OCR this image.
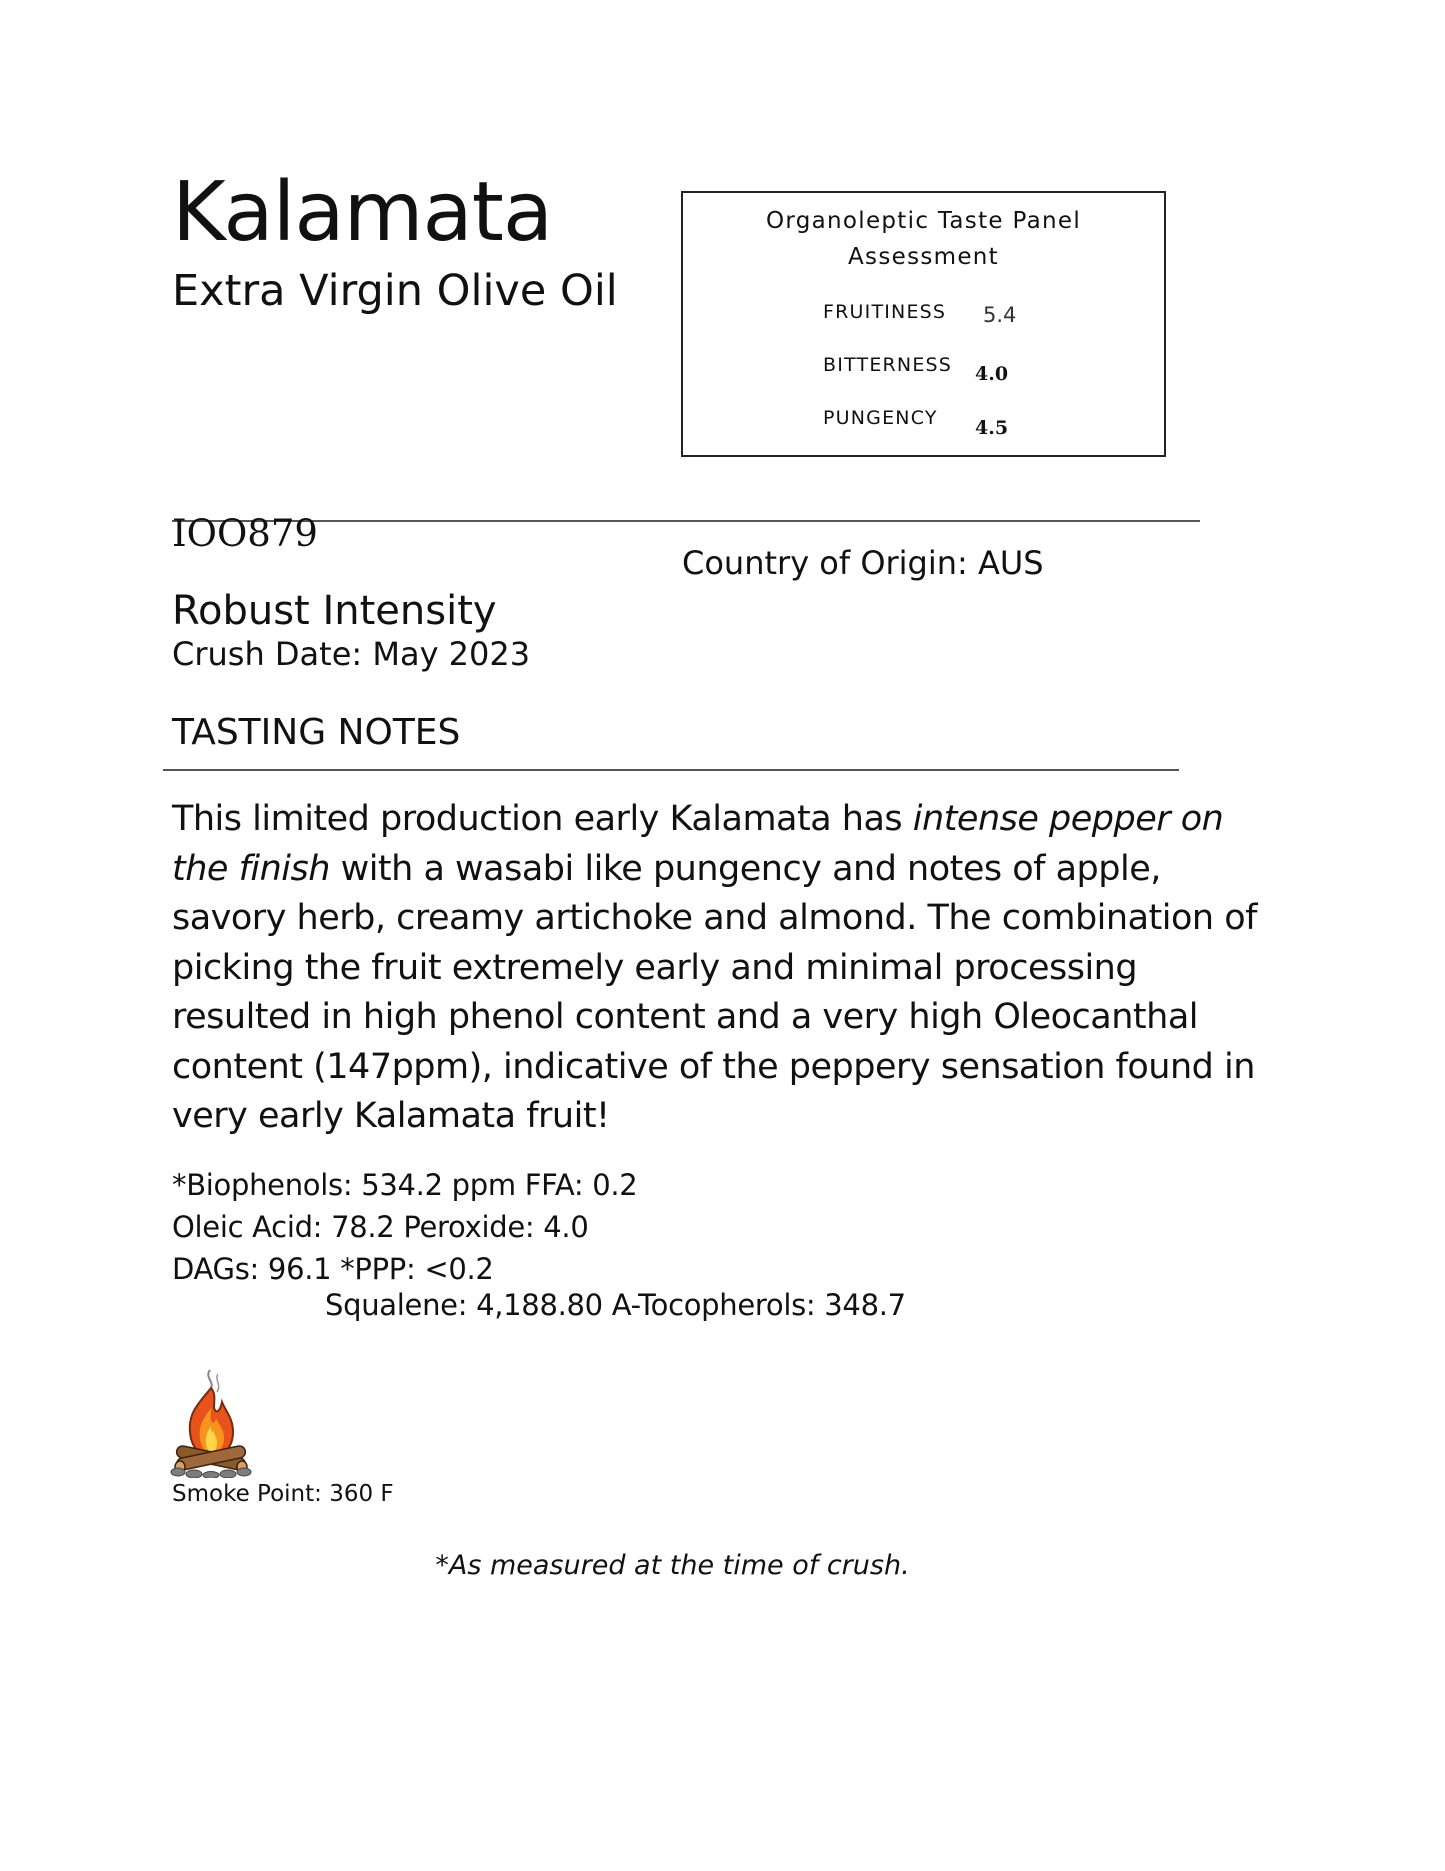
Kalamata
Extra Virgin Olive Oil
Organoleptic Taste Panel
Assessment
FRUITINESS 5.4
BITTERNESS 4.0
PUNGENCY 4.5
IOO879
Country of Origin: AUS
Robust Intensity
Crush Date: May 2023
TASTING NOTES
This limited production early Kalamata has intense pepper on the finish with a wasabi like pungency and notes of apple, savory herb, creamy artichoke and almond. The combination of picking the fruit extremely early and minimal processing resulted in high phenol content and a very high Oleocanthal content (147ppm), indicative of the peppery sensation found in very early Kalamata fruit!
*Biophenols: 534.2 ppm FFA: 0.2
Oleic Acid: 78.2 Peroxide: 4.0
DAGs: 96.1 *PPP: <0.2
Squalene: 4,188.80 A-Tocopherols: 348.7
Smoke Point: 360 F
*As measured at the time of crush.
